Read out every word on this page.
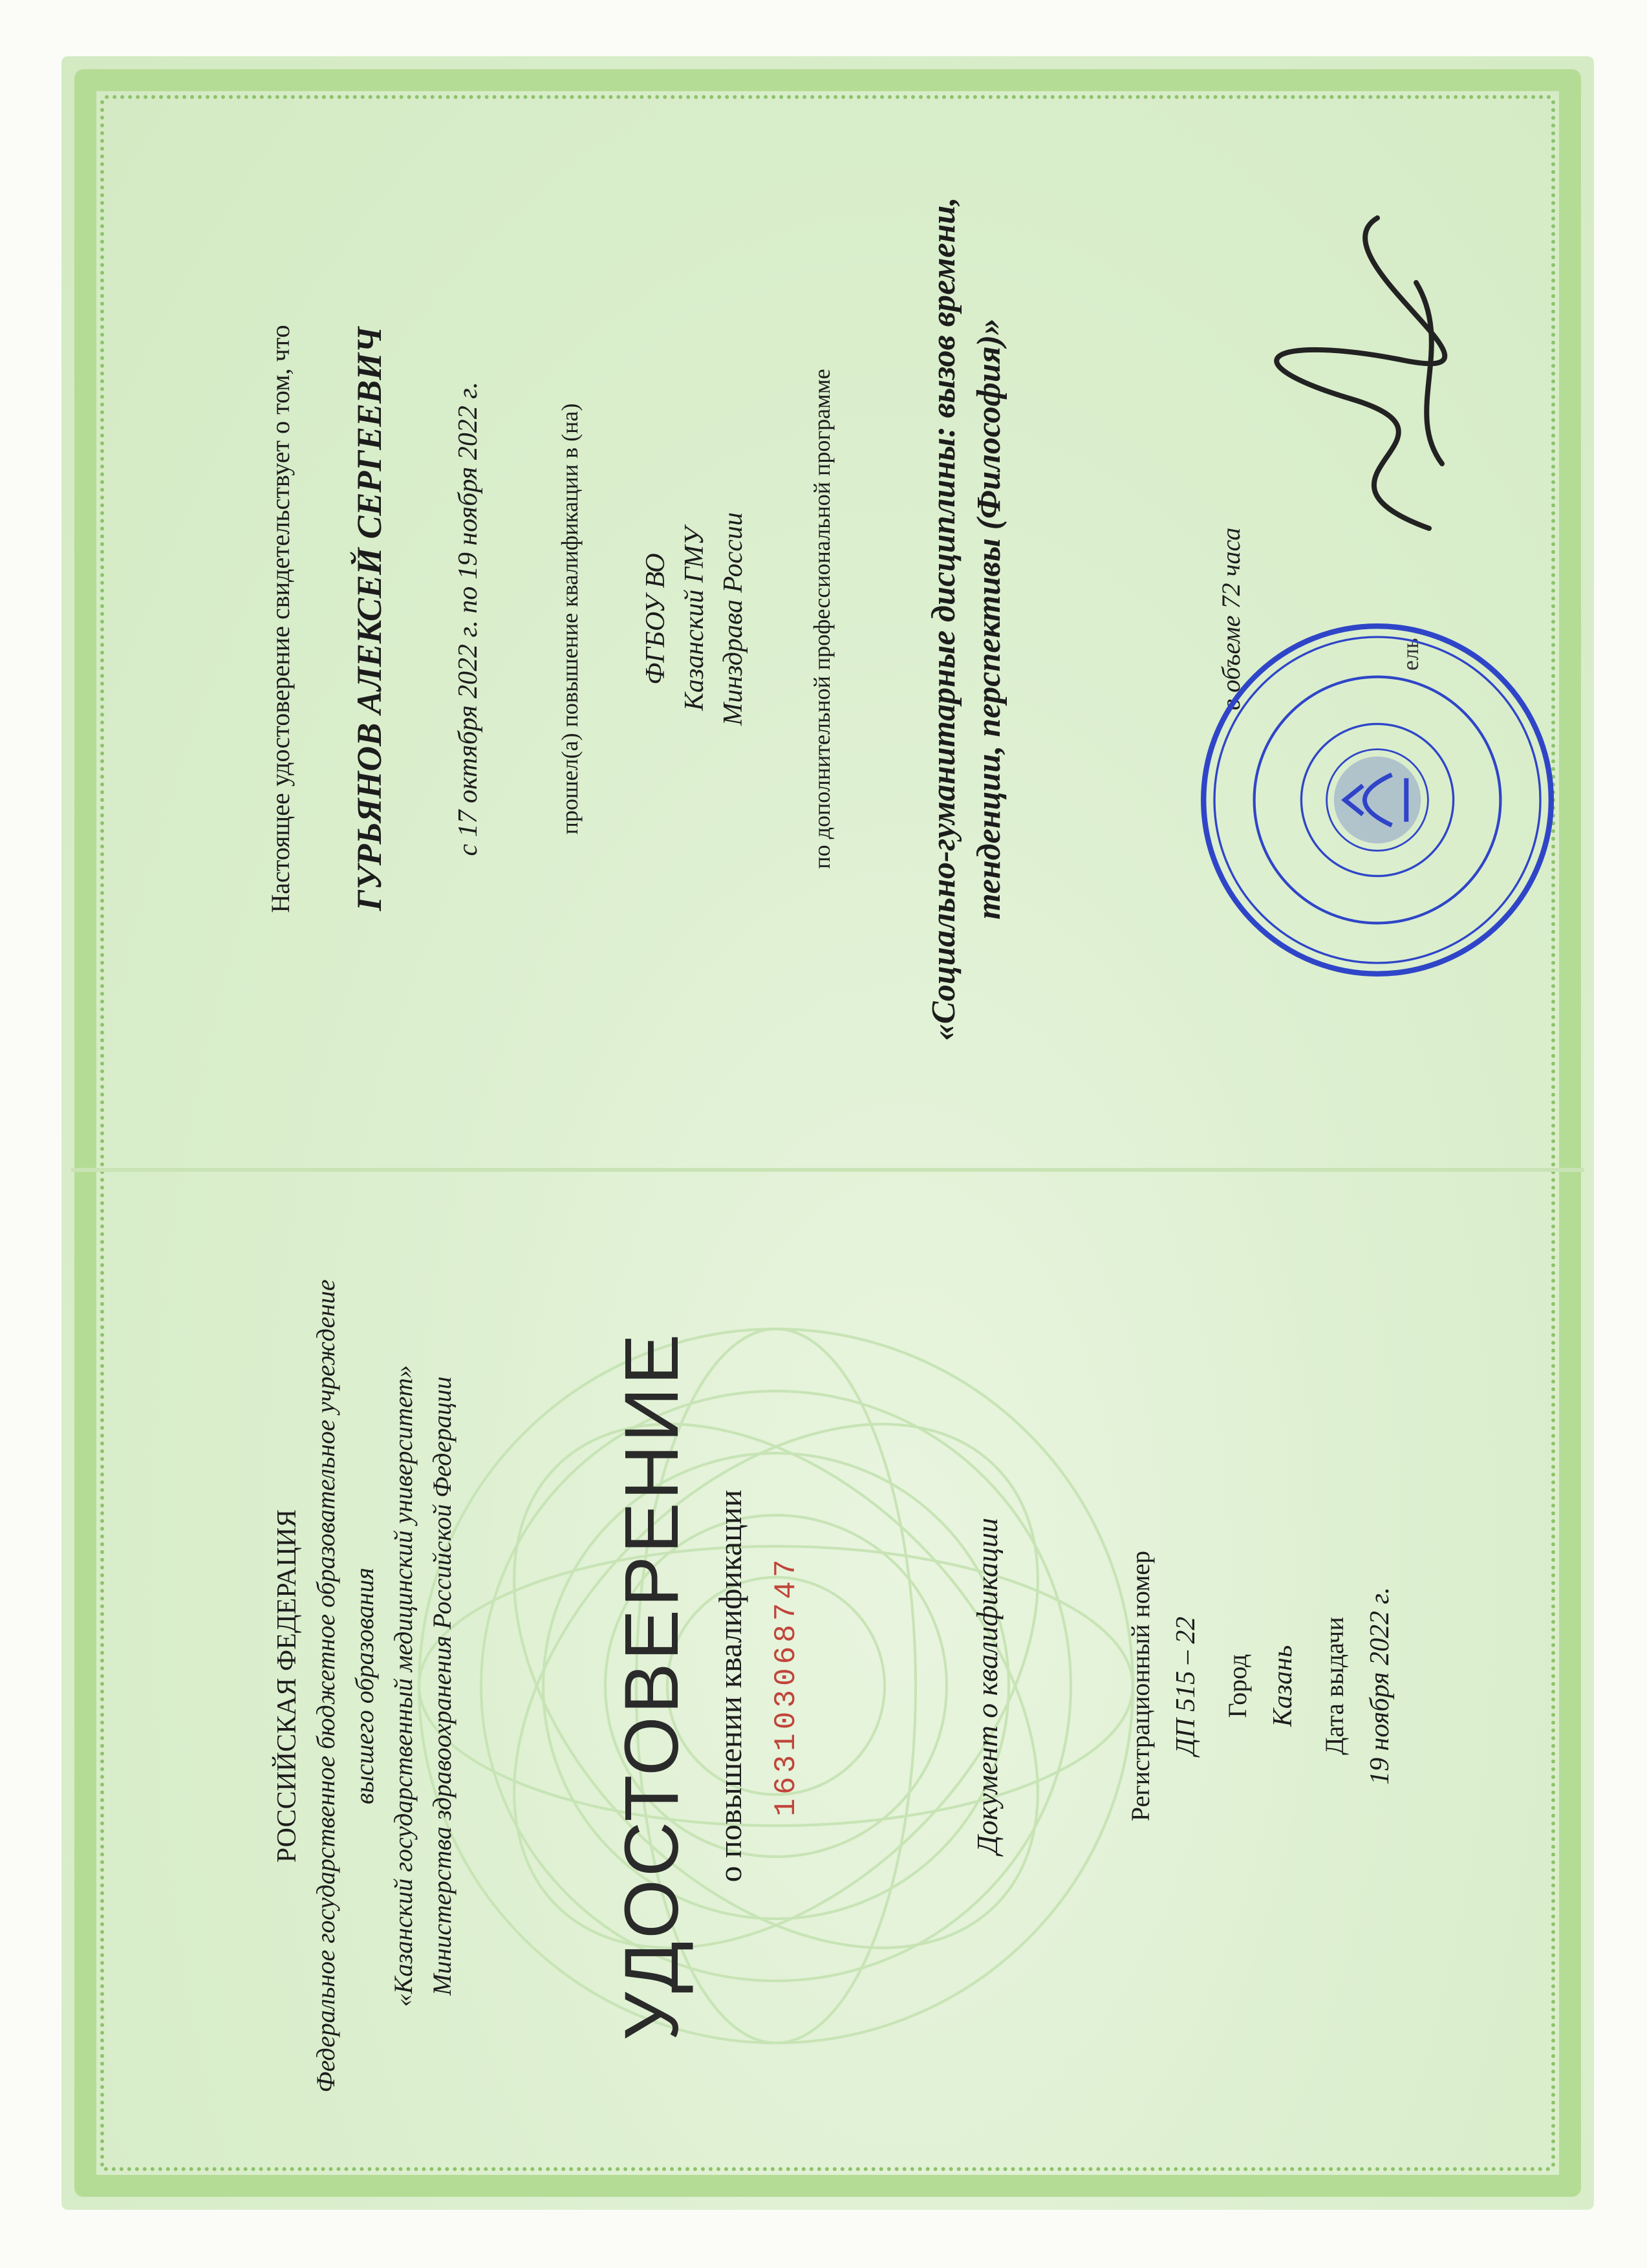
РОССИЙСКАЯ ФЕДЕРАЦИЯ Федеральное государственное бюджетное образовательное учреждение высшего образования «Казанский государственный медицинский университет» Министерства здравоохранения Российской Федерации УДОСТОВЕРЕНИЕ о повышении квалификации 163103068747	Документ о квалификации	Регистрационный номер ДП 515 – 22 Город Казань Дата выдачи 19 ноября 2022 г.
Настоящее удостоверение свидетельствует о том, что ГУРЬЯНОВ АЛЕКСЕЙ СЕРГЕЕВИЧ с 17 октября 2022 г. по 19 ноября 2022 г.	прошел(а) повышение квалификации в (на) ФГБОУ ВО Казанский ГМУ Минздрава России	по дополнительной профессиональной программе	«Социально-гуманитарные дисциплины: вызов времени, тенденции, перспективы (Философия)»	в объеме 72 часа	ель
